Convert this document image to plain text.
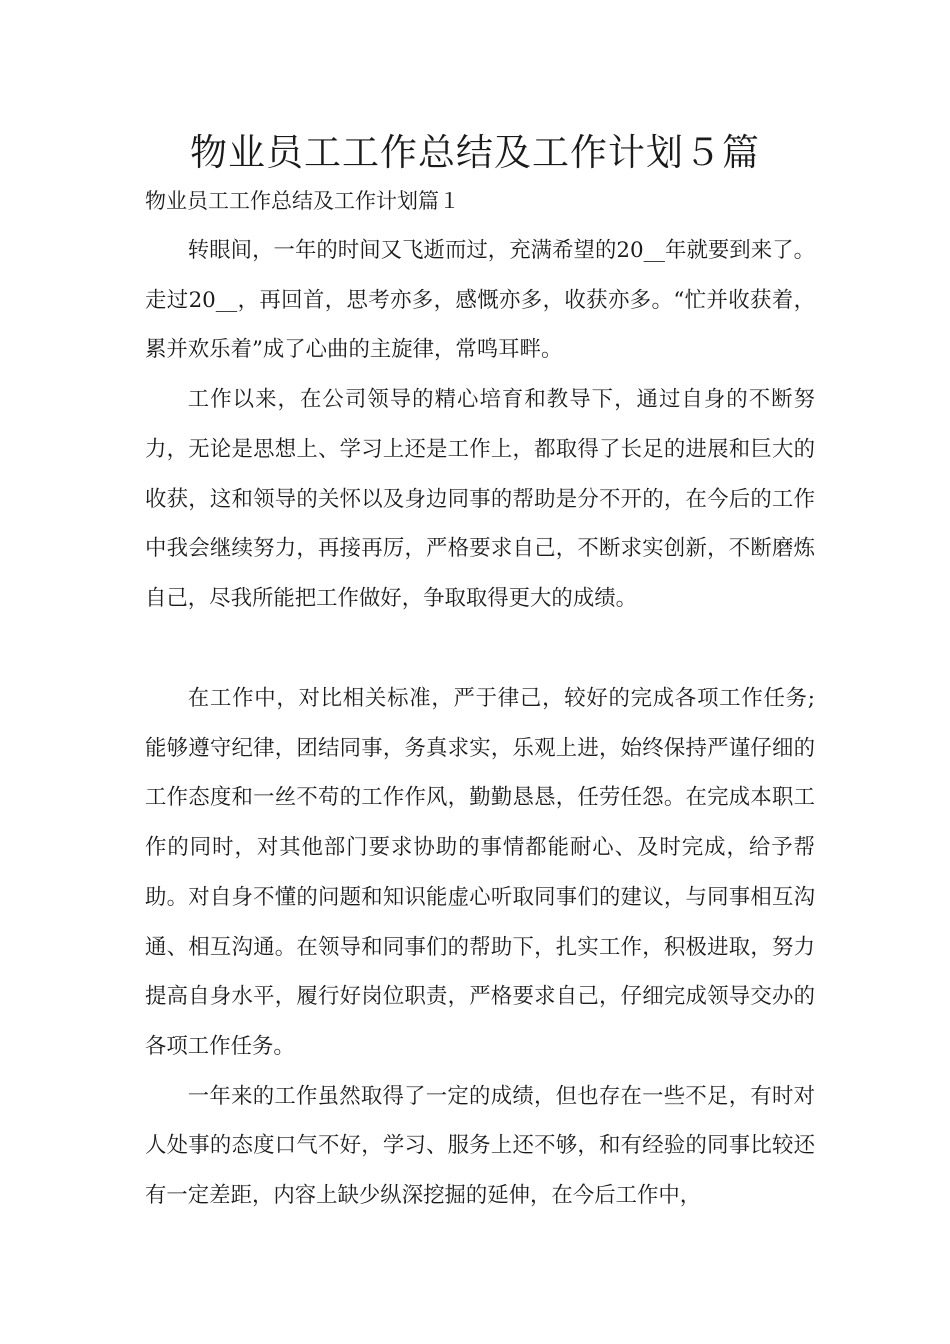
物业员工工作总结及工作计划５篇
物业员工工作总结及工作计划篇１

转眼间，一年的时间又飞逝而过，充满希望的20__年就要到来了。走过20__，再回首，思考亦多，感慨亦多，收获亦多。“忙并收获着，累并欢乐着”成了心曲的主旋律，常鸣耳畔。

工作以来，在公司领导的精心培育和教导下，通过自身的不断努力，无论是思想上、学习上还是工作上，都取得了长足的进展和巨大的收获，这和领导的关怀以及身边同事的帮助是分不开的，在今后的工作中我会继续努力，再接再厉，严格要求自己，不断求实创新，不断磨炼自己，尽我所能把工作做好，争取取得更大的成绩。

在工作中，对比相关标准，严于律己，较好的完成各项工作任务;能够遵守纪律，团结同事，务真求实，乐观上进，始终保持严谨仔细的工作态度和一丝不苟的工作作风，勤勤恳恳，任劳任怨。在完成本职工作的同时，对其他部门要求协助的事情都能耐心、及时完成，给予帮助。对自身不懂的问题和知识能虚心听取同事们的建议，与同事相互沟通、相互沟通。在领导和同事们的帮助下，扎实工作，积极进取，努力提高自身水平，履行好岗位职责，严格要求自己，仔细完成领导交办的各项工作任务。

一年来的工作虽然取得了一定的成绩，但也存在一些不足，有时对人处事的态度口气不好，学习、服务上还不够，和有经验的同事比较还有一定差距，内容上缺少纵深挖掘的延伸，在今后工作中，
